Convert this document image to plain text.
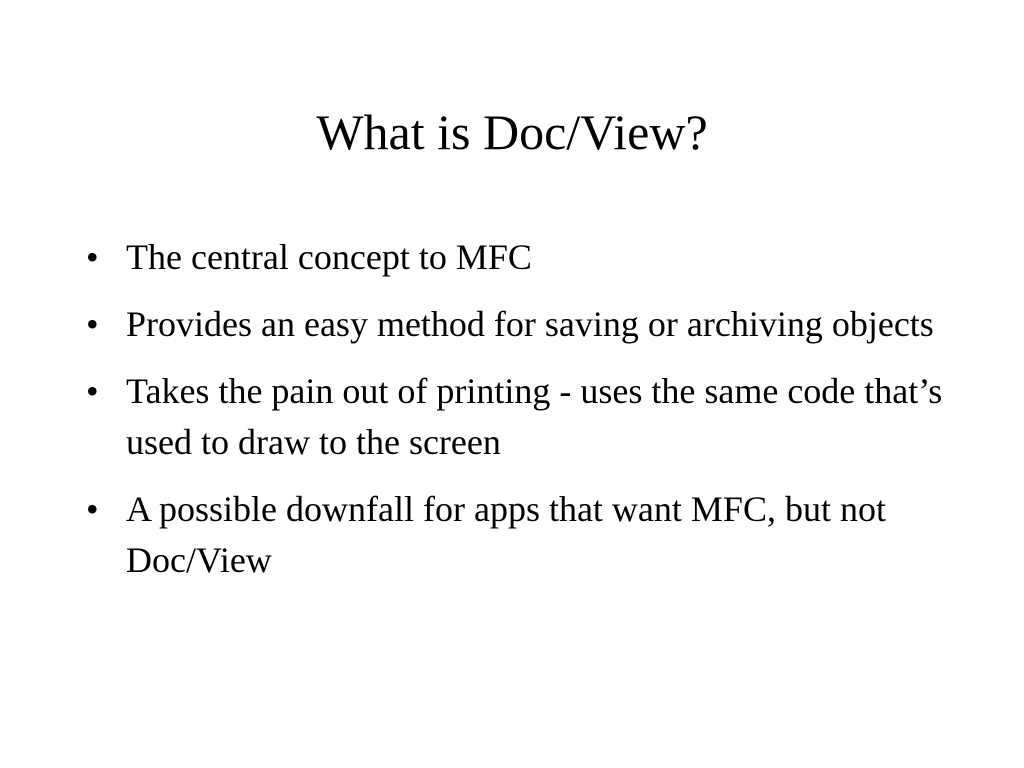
What is Doc/View?
• The central concept to MFC
• Provides an easy method for saving or archiving objects
• Takes the pain out of printing - uses the same code that’s used to draw to the screen
• A possible downfall for apps that want MFC, but not Doc/View
